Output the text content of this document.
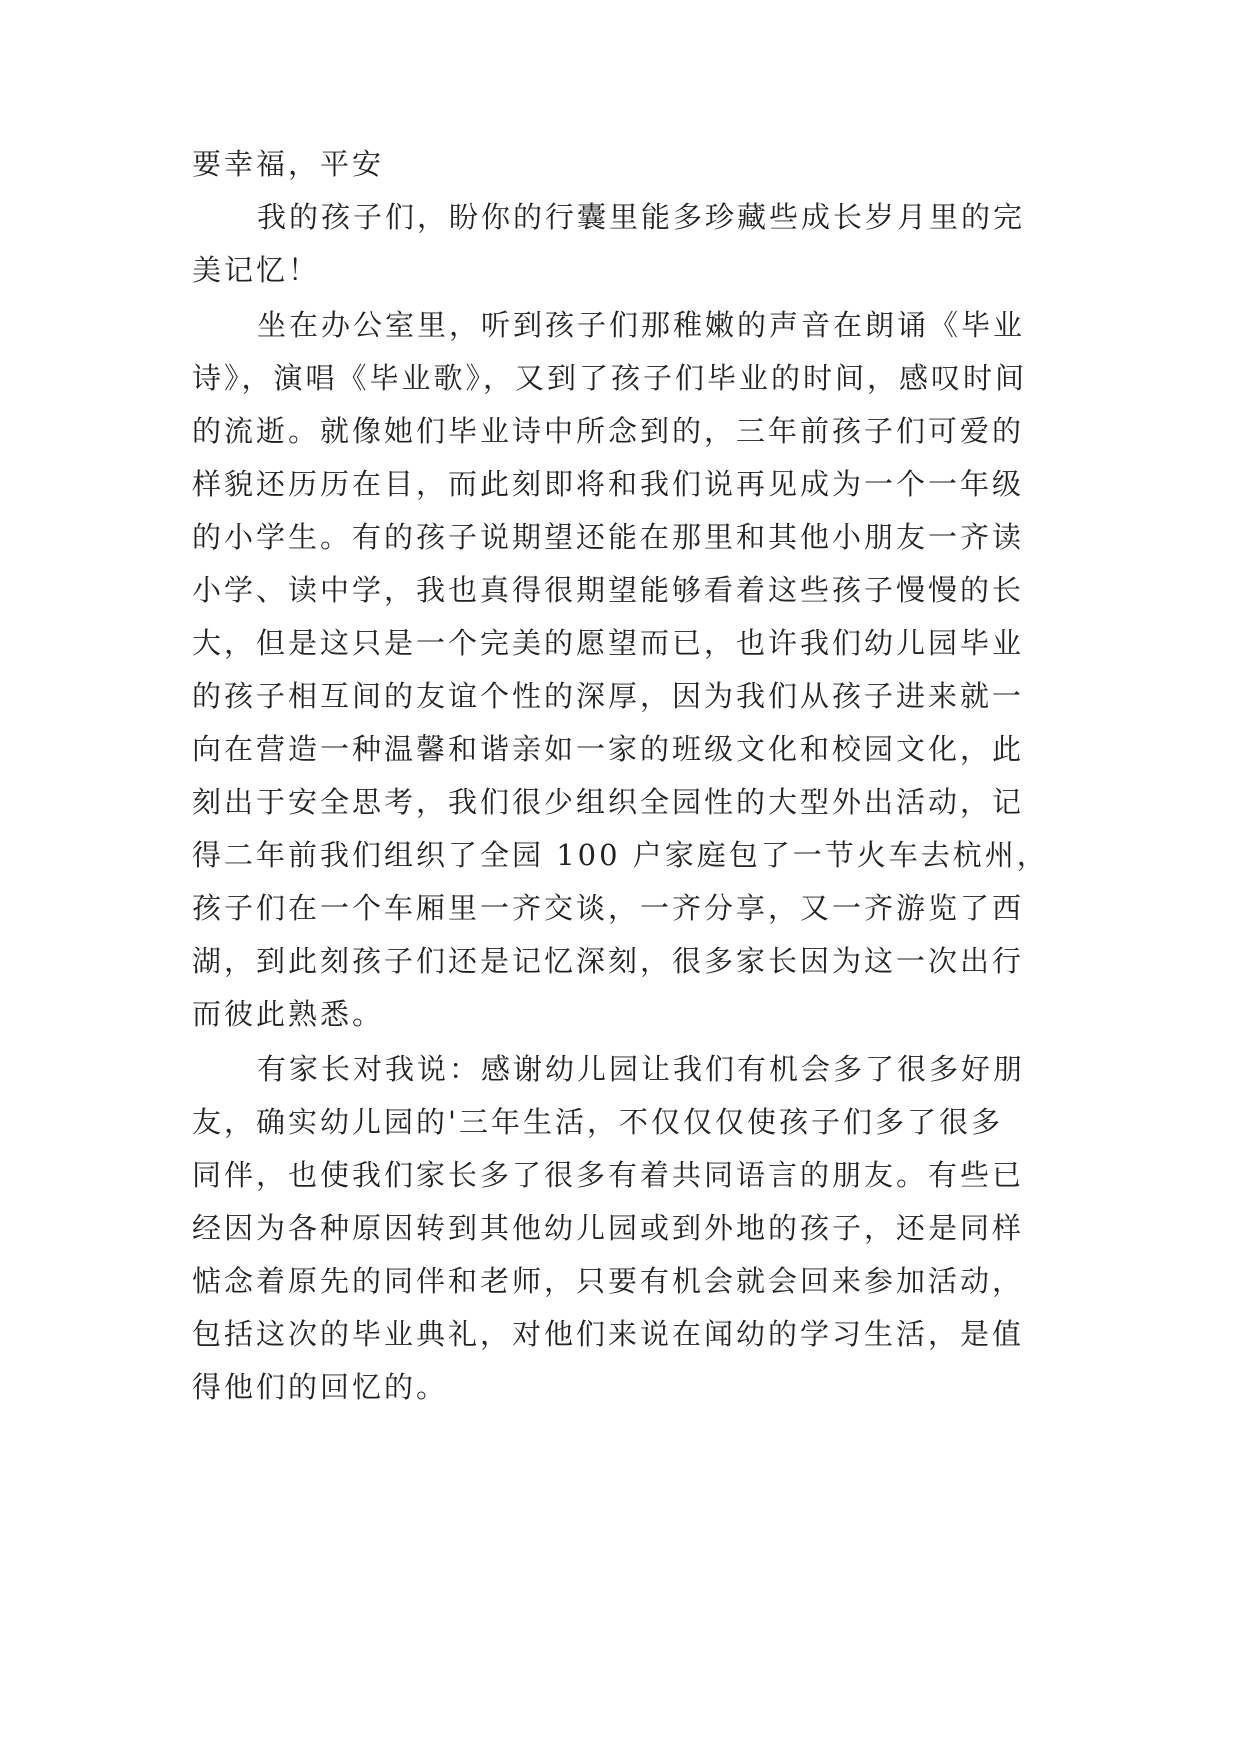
要幸福，平安
我的孩子们，盼你的行囊里能多珍藏些成长岁月里的完
美记忆！
坐在办公室里，听到孩子们那稚嫩的声音在朗诵《毕业
诗》，演唱《毕业歌》，又到了孩子们毕业的时间，感叹时间
的流逝。就像她们毕业诗中所念到的，三年前孩子们可爱的
样貌还历历在目，而此刻即将和我们说再见成为一个一年级
的小学生。有的孩子说期望还能在那里和其他小朋友一齐读
小学、读中学，我也真得很期望能够看着这些孩子慢慢的长
大，但是这只是一个完美的愿望而已，也许我们幼儿园毕业
的孩子相互间的友谊个性的深厚，因为我们从孩子进来就一
向在营造一种温馨和谐亲如一家的班级文化和校园文化，此
刻出于安全思考，我们很少组织全园性的大型外出活动，记
得二年前我们组织了全园 100 户家庭包了一节火车去杭州，
孩子们在一个车厢里一齐交谈，一齐分享，又一齐游览了西
湖，到此刻孩子们还是记忆深刻，很多家长因为这一次出行
而彼此熟悉。
有家长对我说：感谢幼儿园让我们有机会多了很多好朋
友，确实幼儿园的'三年生活，不仅仅仅使孩子们多了很多
同伴，也使我们家长多了很多有着共同语言的朋友。有些已
经因为各种原因转到其他幼儿园或到外地的孩子，还是同样
惦念着原先的同伴和老师，只要有机会就会回来参加活动，
包括这次的毕业典礼，对他们来说在闻幼的学习生活，是值
得他们的回忆的。
